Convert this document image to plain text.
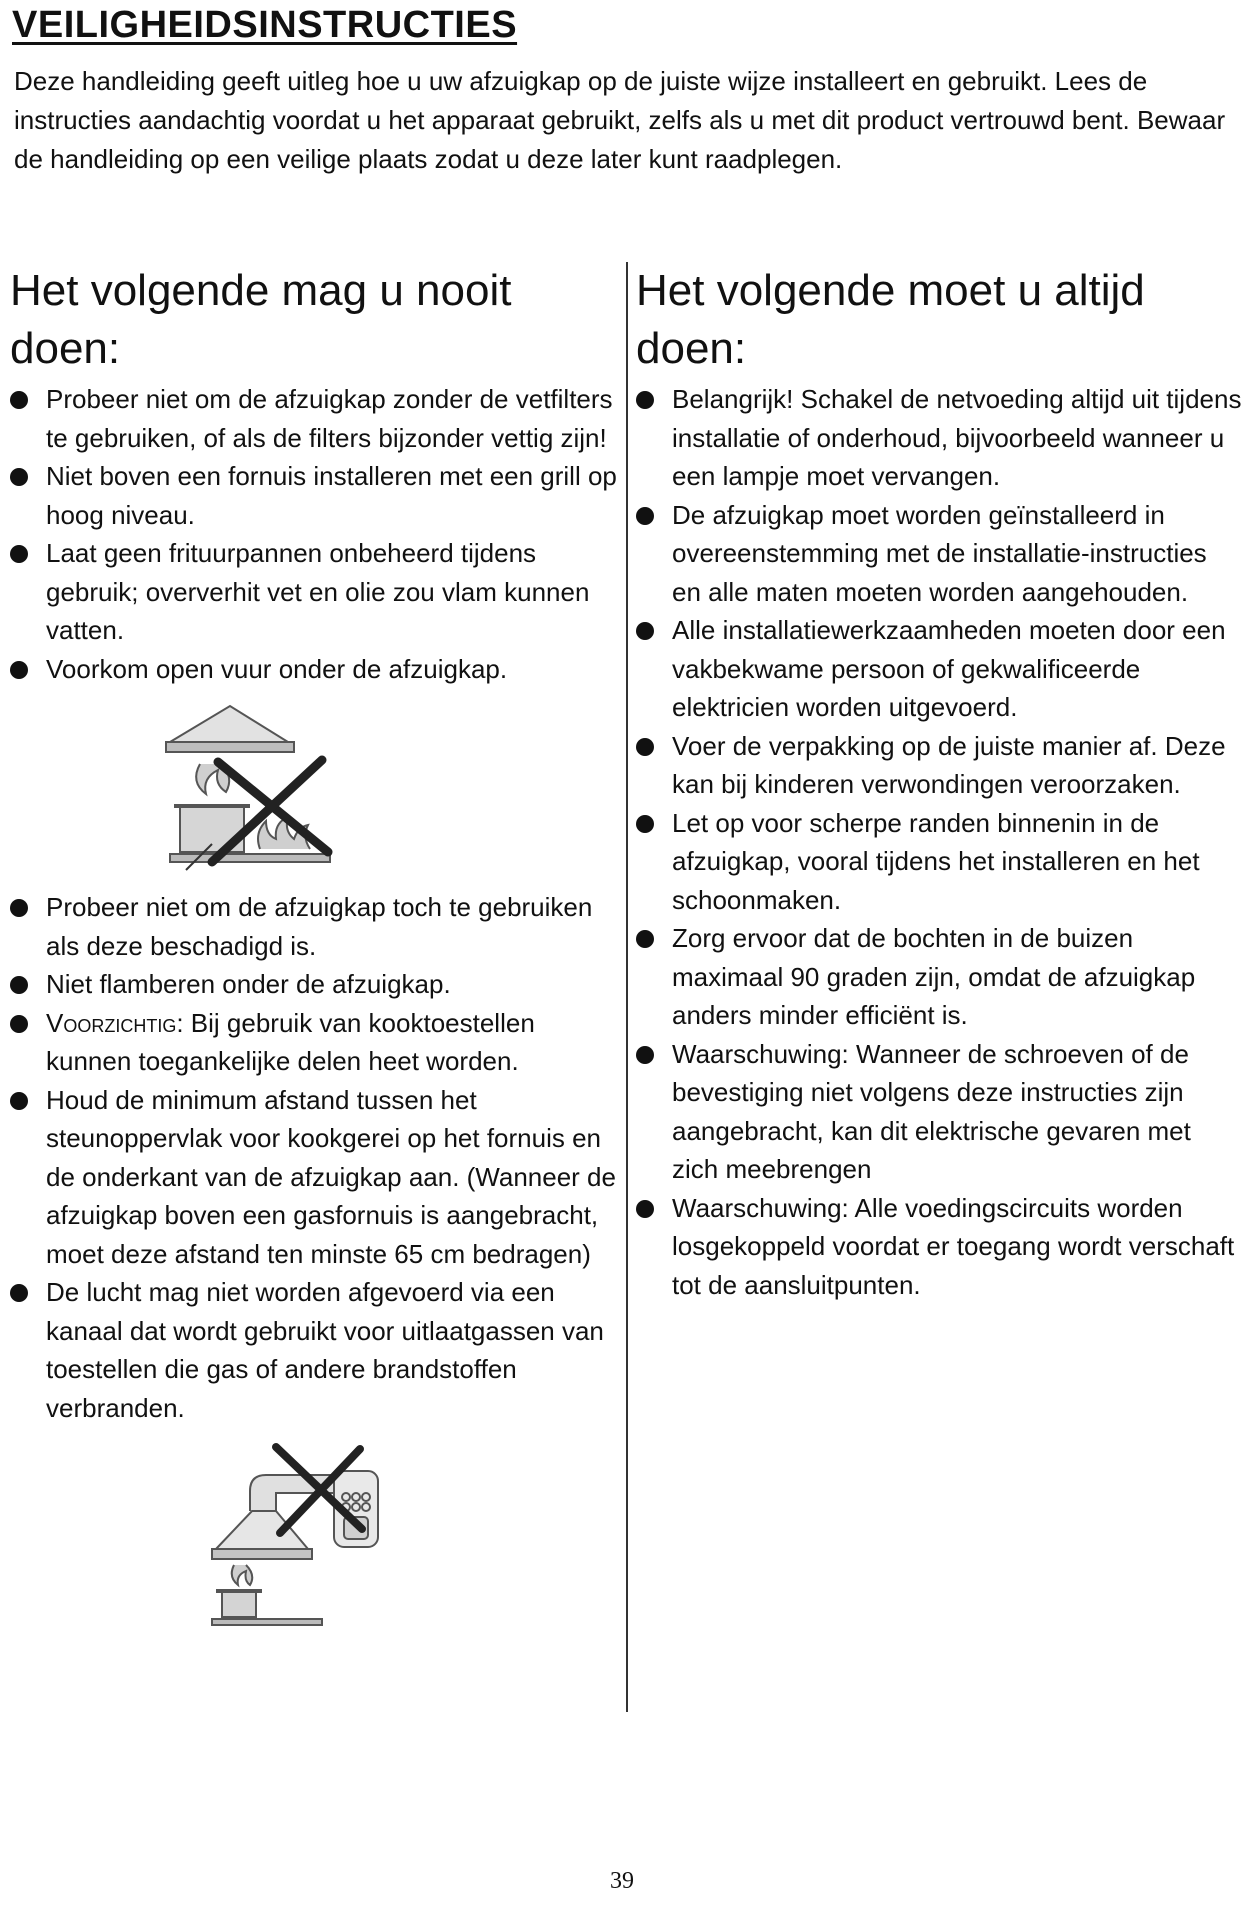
VEILIGHEIDSINSTRUCTIES

Deze handleiding geeft uitleg hoe u uw afzuigkap op de juiste wijze installeert en gebruikt. Lees de instructies aandachtig voordat u het apparaat gebruikt, zelfs als u met dit product vertrouwd bent. Bewaar de handleiding op een veilige plaats zodat u deze later kunt raadplegen.

Het volgende mag u nooit doen:
Probeer niet om de afzuigkap zonder de vetfilters te gebruiken, of als de filters bijzonder vettig zijn!
Niet boven een fornuis installeren met een grill op hoog niveau.
Laat geen frituurpannen onbeheerd tijdens gebruik; oververhit vet en olie zou vlam kunnen vatten.
Voorkom open vuur onder de afzuigkap.
Probeer niet om de afzuigkap toch te gebruiken als deze beschadigd is.
Niet flamberen onder de afzuigkap.
Voorzichtig: Bij gebruik van kooktoestellen kunnen toegankelijke delen heet worden.
Houd de minimum afstand tussen het steunoppervlak voor kookgerei op het fornuis en de onderkant van de afzuigkap aan. (Wanneer de afzuigkap boven een gasfornuis is aangebracht, moet deze afstand ten minste 65 cm bedragen)
De lucht mag niet worden afgevoerd via een kanaal dat wordt gebruikt voor uitlaatgassen van toestellen die gas of andere brandstoffen verbranden.
Het volgende moet u altijd doen:
Belangrijk! Schakel de netvoeding altijd uit tijdens installatie of onderhoud, bijvoorbeeld wanneer u een lampje moet vervangen.
De afzuigkap moet worden geïnstalleerd in overeenstemming met de installatie-instructies en alle maten moeten worden aangehouden.
Alle installatiewerkzaamheden moeten door een vakbekwame persoon of gekwalificeerde elektricien worden uitgevoerd.
Voer de verpakking op de juiste manier af. Deze kan bij kinderen verwondingen veroorzaken.
Let op voor scherpe randen binnenin in de afzuigkap, vooral tijdens het installeren en het schoonmaken.
Zorg ervoor dat de bochten in de buizen maximaal 90 graden zijn, omdat de afzuigkap anders minder efficiënt is.
Waarschuwing: Wanneer de schroeven of de bevestiging niet volgens deze instructies zijn aangebracht, kan dit elektrische gevaren met zich meebrengen
Waarschuwing: Alle voedingscircuits worden losgekoppeld voordat er toegang wordt verschaft tot de aansluitpunten.
39
